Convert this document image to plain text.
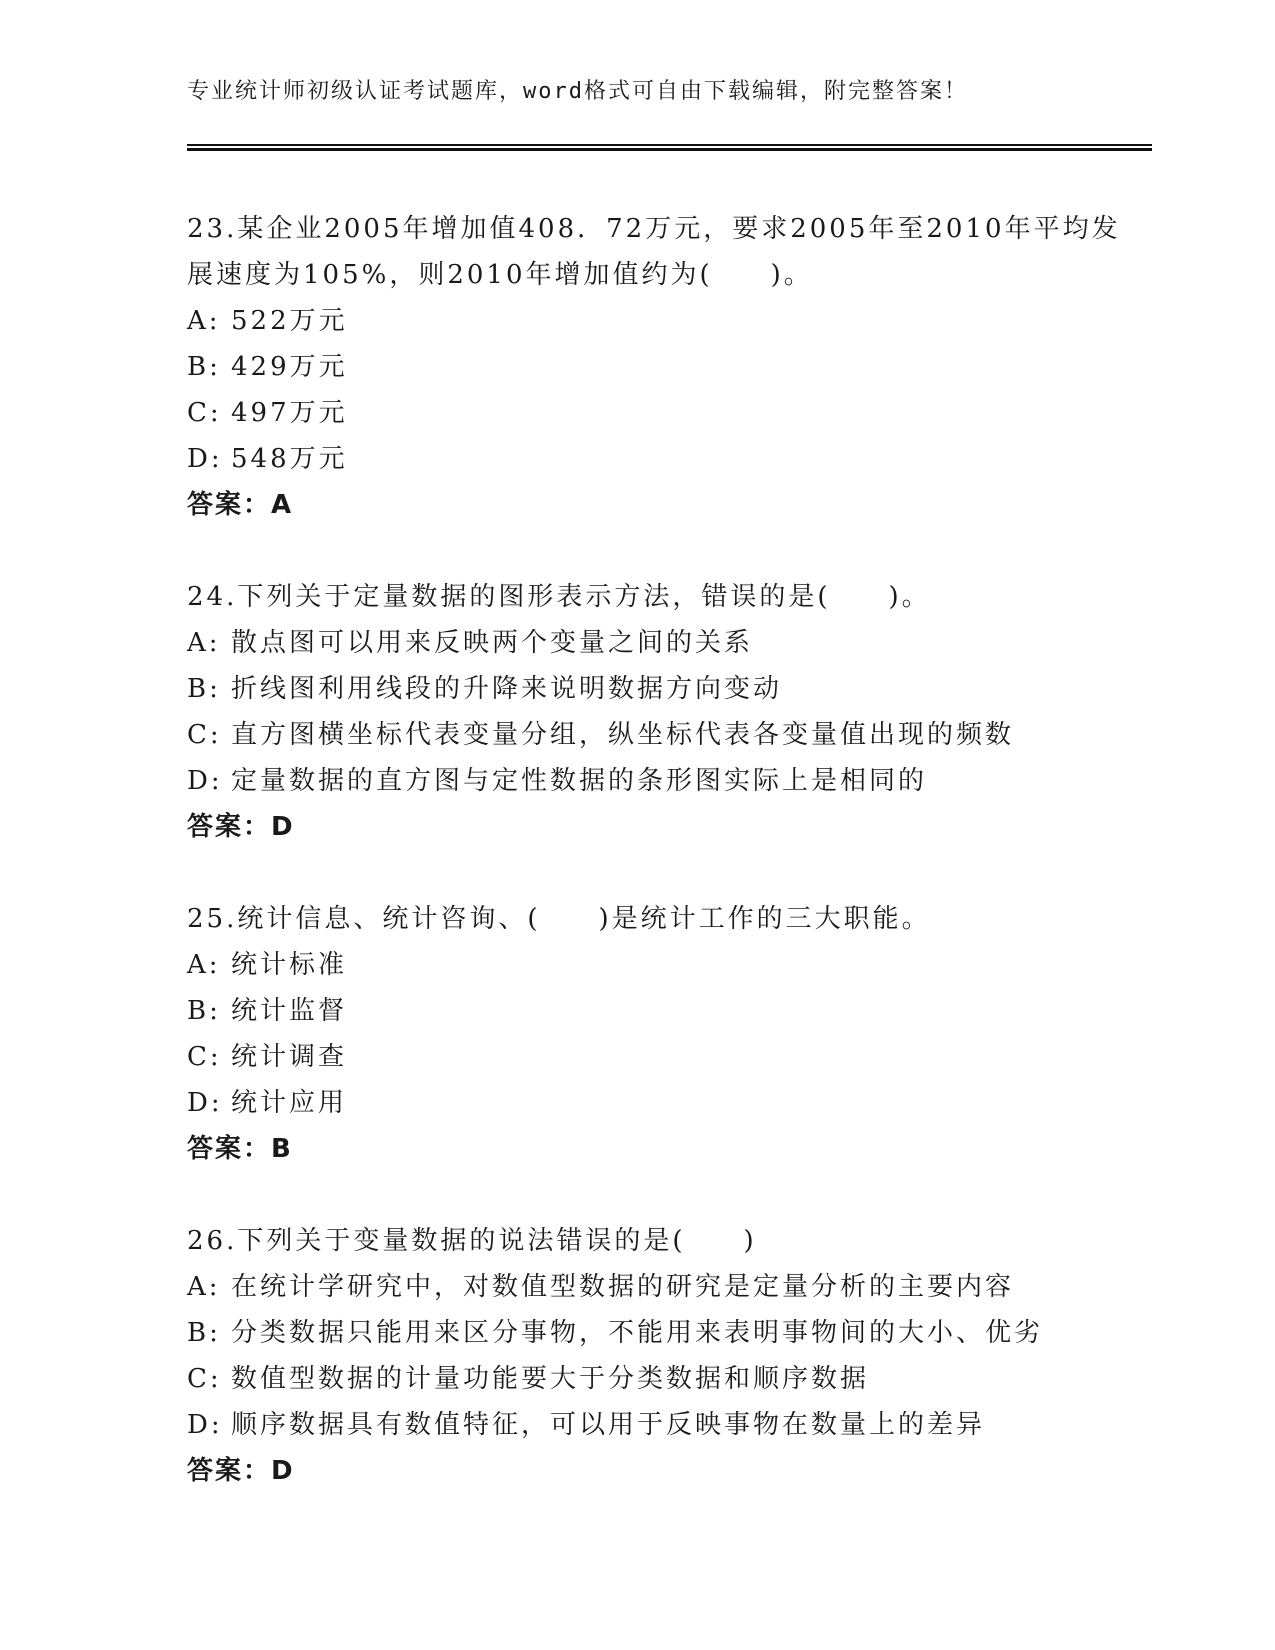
专业统计师初级认证考试题库，word格式可自由下载编辑，附完整答案！

23.某企业2005年增加值408．72万元，要求2005年至2010年平均发展速度为105%，则2010年增加值约为(　　)。

A: 522万元

B: 429万元

C: 497万元

D: 548万元

答案：A

24.下列关于定量数据的图形表示方法，错误的是(　　)。

A: 散点图可以用来反映两个变量之间的关系

B: 折线图利用线段的升降来说明数据方向变动

C: 直方图横坐标代表变量分组，纵坐标代表各变量值出现的频数

D: 定量数据的直方图与定性数据的条形图实际上是相同的

答案：D

25.统计信息、统计咨询、(　　)是统计工作的三大职能。

A: 统计标准

B: 统计监督

C: 统计调查

D: 统计应用

答案：B

26.下列关于变量数据的说法错误的是(　　)

A: 在统计学研究中，对数值型数据的研究是定量分析的主要内容

B: 分类数据只能用来区分事物，不能用来表明事物间的大小、优劣

C: 数值型数据的计量功能要大于分类数据和顺序数据

D: 顺序数据具有数值特征，可以用于反映事物在数量上的差异

答案：D
